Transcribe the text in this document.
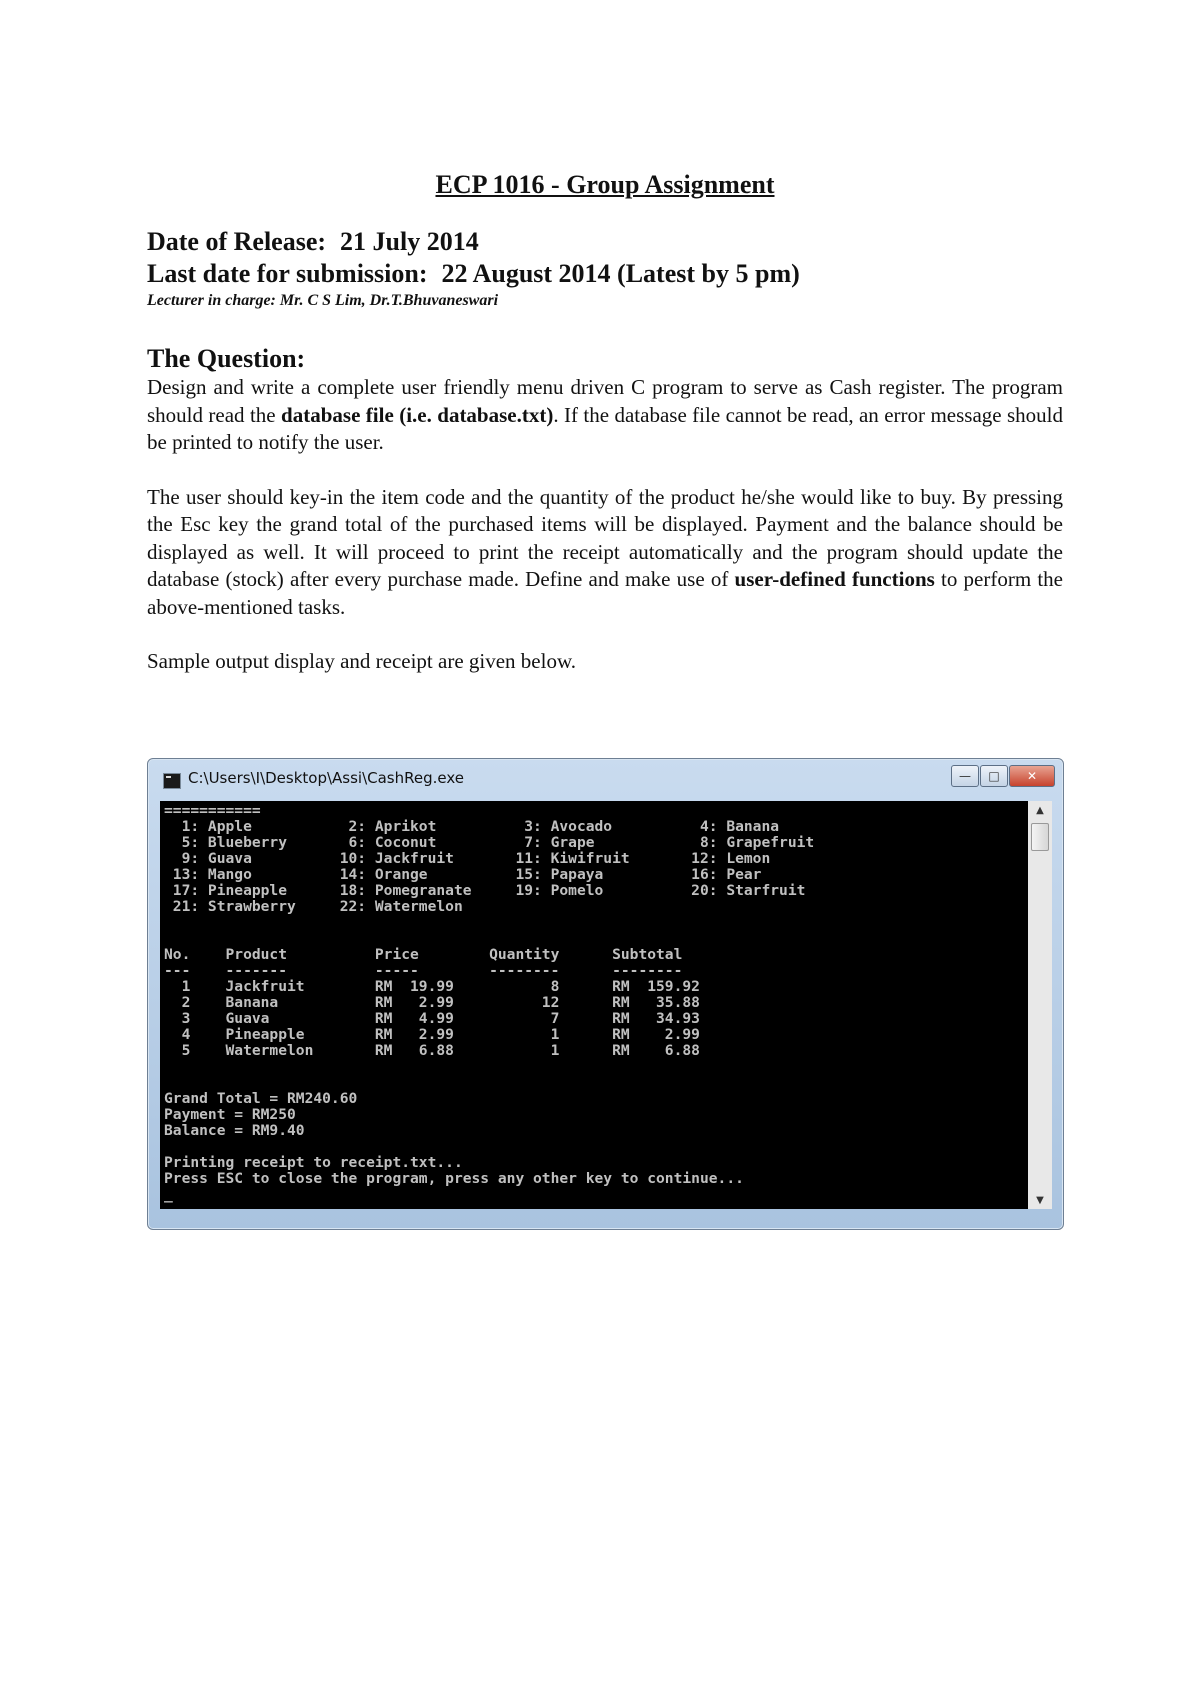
ECP 1016 - Group Assignment
Date of Release: 21 July 2014
Last date for submission: 22 August 2014 (Latest by 5 pm)
Lecturer in charge: Mr. C S Lim, Dr.T.Bhuvaneswari
The Question:

Design and write a complete user friendly menu driven C program to serve as Cash register. The program should read the database file (i.e. database.txt). If the database file cannot be read, an error message should be printed to notify the user.

The user should key-in the item code and the quantity of the product he/she would like to buy. By pressing the Esc key the grand total of the purchased items will be displayed. Payment and the balance should be displayed as well. It will proceed to print the receipt automatically and the program should update the database (stock) after every purchase made. Define and make use of user-defined functions to perform the above-mentioned tasks.

Sample output display and receipt are given below.

C:\Users\I\Desktop\Assi\CashReg.exe	—	□	✕
===========
1: Apple           2: Aprikot          3: Avocado          4: Banana
5: Blueberry       6: Coconut          7: Grape            8: Grapefruit
9: Guava          10: Jackfruit       11: Kiwifruit       12: Lemon
13: Mango          14: Orange          15: Papaya          16: Pear
17: Pineapple      18: Pomegranate     19: Pomelo          20: Starfruit
21: Strawberry     22: Watermelon

No.    Product          Price        Quantity      Subtotal
---    -------          -----        --------      --------
1    Jackfruit        RM  19.99           8      RM  159.92
2    Banana           RM   2.99          12      RM   35.88
3    Guava            RM   4.99           7      RM   34.93
4    Pineapple        RM   2.99           1      RM    2.99
5    Watermelon       RM   6.88           1      RM    6.88

Grand Total = RM240.60
Payment = RM250
Balance = RM9.40

Printing receipt to receipt.txt...
Press ESC to close the program, press any other key to continue...
_
▲
▼
